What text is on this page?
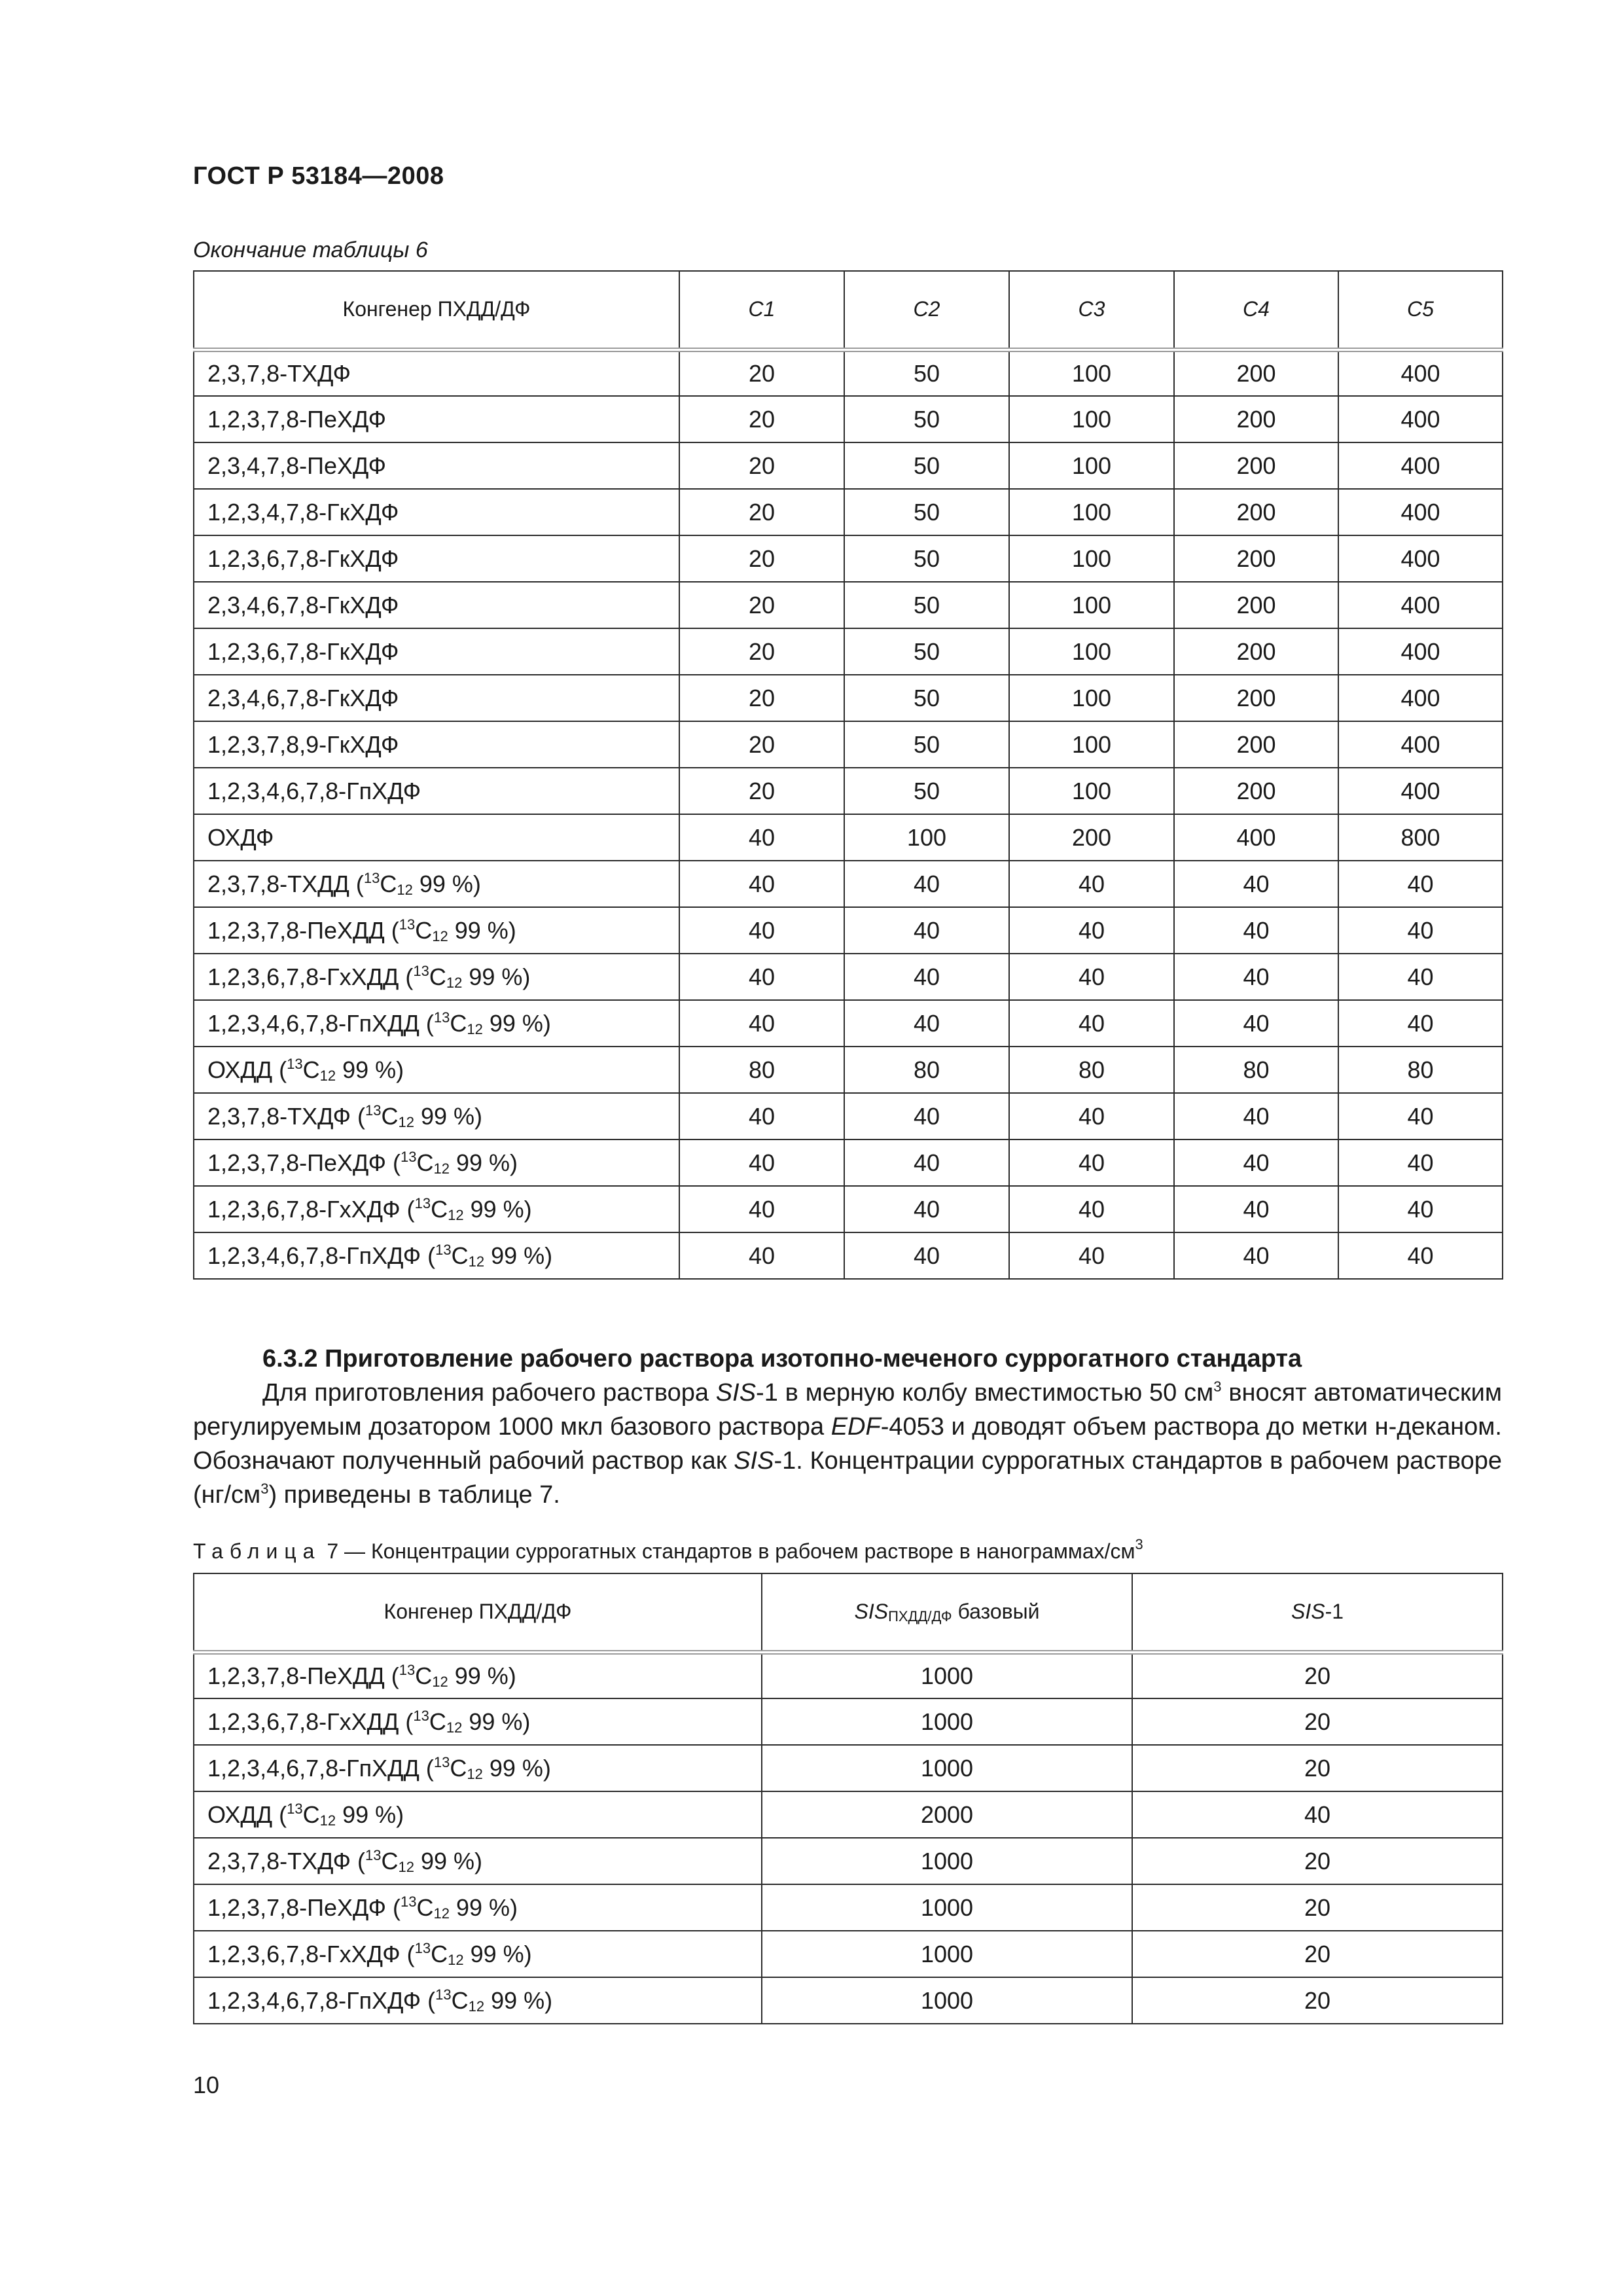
ГОСТ Р 53184—2008
Окончание таблицы 6
Конгенер ПХДД/ДФ	C1	C2	C3	C4	C5
2,3,7,8-ТХДФ	20	50	100	200	400
1,2,3,7,8-ПеХДФ	20	50	100	200	400
2,3,4,7,8-ПеХДФ	20	50	100	200	400
1,2,3,4,7,8-ГкХДФ	20	50	100	200	400
1,2,3,6,7,8-ГкХДФ	20	50	100	200	400
2,3,4,6,7,8-ГкХДФ	20	50	100	200	400
1,2,3,6,7,8-ГкХДФ	20	50	100	200	400
2,3,4,6,7,8-ГкХДФ	20	50	100	200	400
1,2,3,7,8,9-ГкХДФ	20	50	100	200	400
1,2,3,4,6,7,8-ГпХДФ	20	50	100	200	400
ОХДФ	40	100	200	400	800
2,3,7,8-ТХДД ($^{13}C_{12}$ 99 %)	40	40	40	40	40
1,2,3,7,8-ПеХДД ($^{13}C_{12}$ 99 %)	40	40	40	40	40
1,2,3,6,7,8-ГхХДД ($^{13}C_{12}$ 99 %)	40	40	40	40	40
1,2,3,4,6,7,8-ГпХДД ($^{13}C_{12}$ 99 %)	40	40	40	40	40
ОХДД ($^{13}C_{12}$ 99 %)	80	80	80	80	80
2,3,7,8-ТХДФ ($^{13}C_{12}$ 99 %)	40	40	40	40	40
1,2,3,7,8-ПеХДФ ($^{13}C_{12}$ 99 %)	40	40	40	40	40
1,2,3,6,7,8-ГхХДФ ($^{13}C_{12}$ 99 %)	40	40	40	40	40
1,2,3,4,6,7,8-ГпХДФ ($^{13}C_{12}$ 99 %)	40	40	40	40	40
6.3.2 Приготовление рабочего раствора изотопно-меченого суррогатного стандарта
Для приготовления рабочего раствора SIS-1 в мерную колбу вместимостью 50 $см^3$ вносят автоматическим регулируемым дозатором 1000 мкл базового раствора EDF-4053 и доводят объем раствора до метки н-деканом. Обозначают полученный рабочий раствор как SIS-1. Концентрации суррогатных стандартов в рабочем растворе $(нг/см^3)$ приведены в таблице 7.
Таблица 7 — Концентрации суррогатных стандартов в рабочем растворе в нанограммах/$см^3$
Конгенер ПХДД/ДФ	$SIS_{ПХДД/ДФ}$ базовый	SIS-1
1,2,3,7,8-ПеХДД ($^{13}C_{12}$ 99 %)	1000	20
1,2,3,6,7,8-ГхХДД ($^{13}C_{12}$ 99 %)	1000	20
1,2,3,4,6,7,8-ГпХДД ($^{13}C_{12}$ 99 %)	1000	20
ОХДД ($^{13}C_{12}$ 99 %)	2000	40
2,3,7,8-ТХДФ ($^{13}C_{12}$ 99 %)	1000	20
1,2,3,7,8-ПеХДФ ($^{13}C_{12}$ 99 %)	1000	20
1,2,3,6,7,8-ГхХДФ ($^{13}C_{12}$ 99 %)	1000	20
1,2,3,4,6,7,8-ГпХДФ ($^{13}C_{12}$ 99 %)	1000	20
10
